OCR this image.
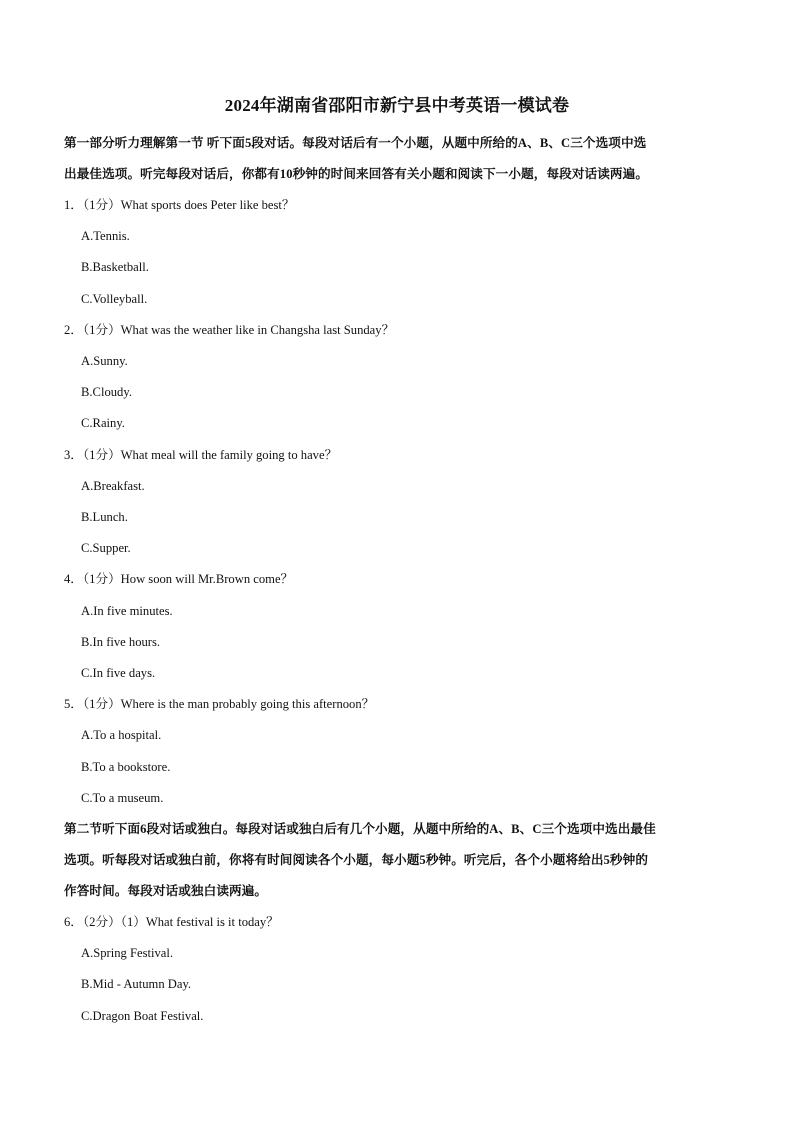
2024年湖南省邵阳市新宁县中考英语一模试卷

第一部分听力理解第一节 听下面5段对话。每段对话后有一个小题，从题中所给的A、B、C三个选项中选

出最佳选项。听完每段对话后，你都有10秒钟的时间来回答有关小题和阅读下一小题，每段对话读两遍。

1．（1分）What sports does Peter like best？

A.Tennis.

B.Basketball.

C.Volleyball.

2．（1分）What was the weather like in Changsha last Sunday？

A.Sunny.

B.Cloudy.

C.Rainy.

3．（1分）What meal will the family going to have？

A.Breakfast.

B.Lunch.

C.Supper.

4．（1分）How soon will Mr.Brown come？

A.In five minutes.

B.In five hours.

C.In five days.

5．（1分）Where is the man probably going this afternoon？

A.To a hospital.

B.To a bookstore.

C.To a museum.

第二节听下面6段对话或独白。每段对话或独白后有几个小题，从题中所给的A、B、C三个选项中选出最佳

选项。听每段对话或独白前，你将有时间阅读各个小题，每小题5秒钟。听完后，各个小题将给出5秒钟的

作答时间。每段对话或独白读两遍。

6．（2分）（1）What festival is it today？

A.Spring Festival.

B.Mid - Autumn Day.

C.Dragon Boat Festival.
